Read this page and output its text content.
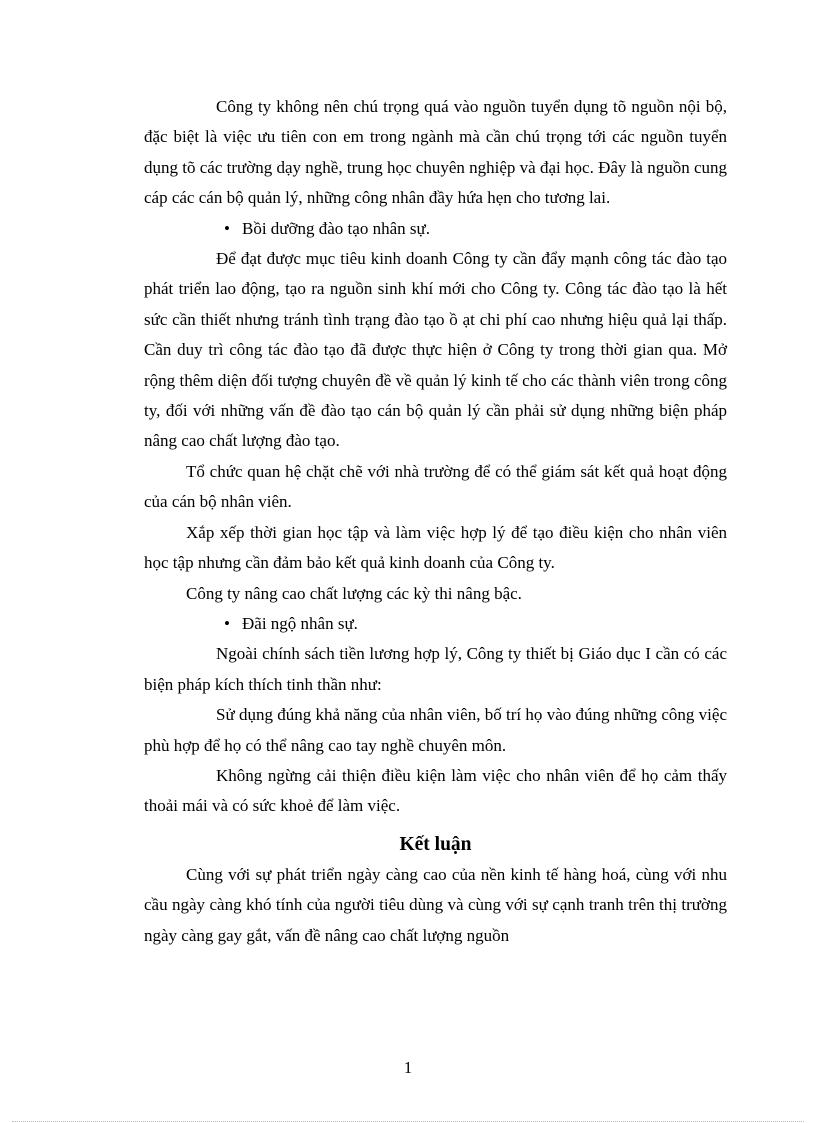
Công ty không nên chú trọng quá vào nguồn tuyển dụng tõ nguồn nội bộ, đặc biệt là việc ưu tiên con em trong ngành mà cần chú trọng tới các nguồn tuyển dụng tõ các trường dạy nghề, trung học chuyên nghiệp và đại học. Đây là nguồn cung cáp các cán bộ quản lý, những công nhân đầy hứa hẹn cho tương lai.

• Bồi dưỡng đào tạo nhân sự.

Để đạt được mục tiêu kinh doanh Công ty cần đẩy mạnh công tác đào tạo phát triển lao động, tạo ra nguồn sinh khí mới cho Công ty. Công tác đào tạo là hết sức cần thiết nhưng tránh tình trạng đào tạo ồ ạt chi phí cao nhưng hiệu quả lại thấp. Cần duy trì công tác đào tạo đã được thực hiện ở Công ty trong thời gian qua. Mở rộng thêm diện đối tượng chuyên đề về quản lý kinh tế cho các thành viên trong công ty, đối với những vấn đề đào tạo cán bộ quản lý cần phải sử dụng những biện pháp nâng cao chất lượng đào tạo.

Tổ chức quan hệ chặt chẽ với nhà trường để có thể giám sát kết quả hoạt động của cán bộ nhân viên.

Xắp xếp thời gian học tập và làm việc hợp lý để tạo điều kiện cho nhân viên học tập nhưng cần đảm bảo kết quả kinh doanh của Công ty.

Công ty nâng cao chất lượng các kỳ thi nâng bậc.

• Đãi ngộ nhân sự.

Ngoài chính sách tiền lương hợp lý, Công ty thiết bị Giáo dục I cần có các biện pháp kích thích tinh thần như:

Sử dụng đúng khả năng của nhân viên, bố trí họ vào đúng những công việc phù hợp để họ có thể nâng cao tay nghề chuyên môn.

Không ngừng cải thiện điều kiện làm việc cho nhân viên để họ cảm thấy thoải mái và có sức khoẻ để làm việc.

Kết luận

Cùng với sự phát triển ngày càng cao của nền kinh tế hàng hoá, cùng với nhu cầu ngày càng khó tính của người tiêu dùng và cùng với sự cạnh tranh trên thị trường ngày càng gay gắt, vấn đề nâng cao chất lượng nguồn

1
